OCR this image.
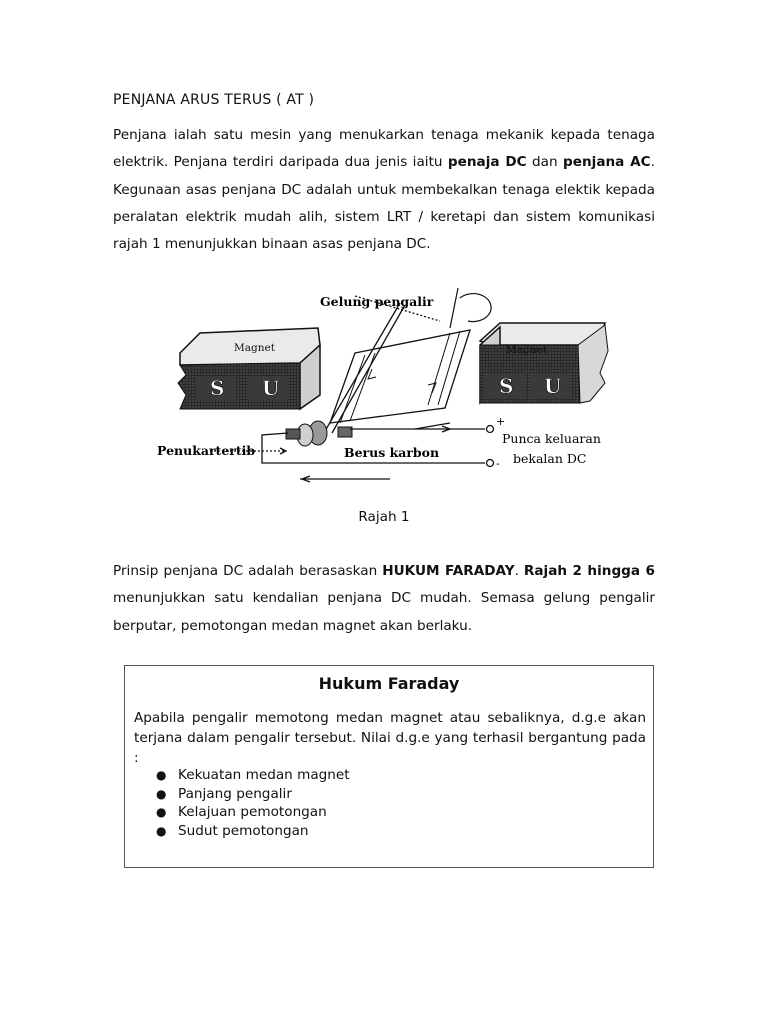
PENJANA ARUS TERUS ( AT )

Penjana ialah satu mesin yang menukarkan tenaga mekanik kepada tenaga elektrik. Penjana terdiri daripada dua jenis iaitu penaja DC dan penjana AC. Kegunaan asas penjana DC adalah untuk membekalkan tenaga elektik kepada peralatan elektrik mudah alih, sistem LRT / keretapi dan sistem komunikasi rajah 1 menunjukkan binaan asas penjana DC.

S U
Magnet
S U
Magnet
+
-
Gelung pengalir
Penukartertib	Berus karbon
Punca keluaran
bekalan DC
Rajah 1

Prinsip penjana DC adalah berasaskan HUKUM FARADAY. Rajah 2 hingga 6 menunjukkan satu kendalian penjana DC mudah. Semasa gelung pengalir berputar, pemotongan medan magnet akan berlaku.

Hukum Faraday

Apabila pengalir memotong medan magnet atau sebaliknya, d.g.e akan terjana dalam pengalir tersebut. Nilai d.g.e yang terhasil bergantung pada :

● Kekuatan medan magnet
● Panjang pengalir
● Kelajuan pemotongan
● Sudut pemotongan
